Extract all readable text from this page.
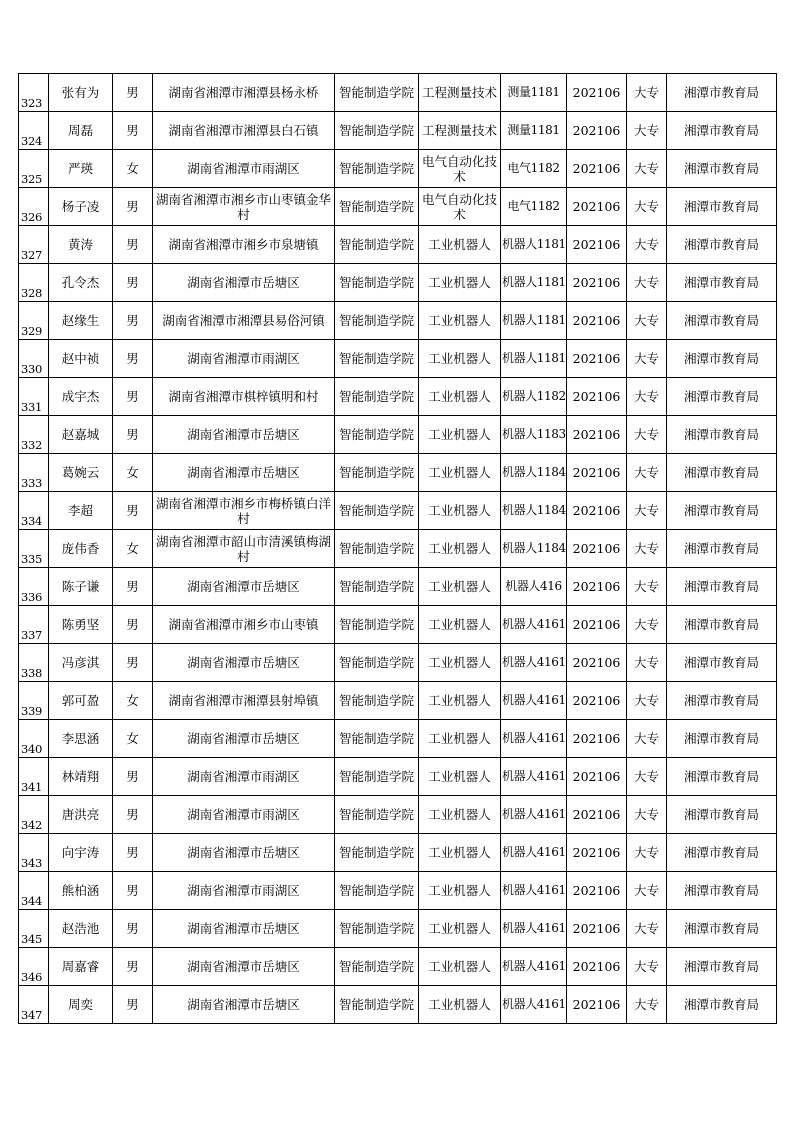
323	张有为	男	湖南省湘潭市湘潭县杨永桥	智能制造学院	工程测量技术	测量1181	202106	大专	湘潭市教育局
324	周磊	男	湖南省湘潭市湘潭县白石镇	智能制造学院	工程测量技术	测量1181	202106	大专	湘潭市教育局
325	严瑛	女	湖南省湘潭市雨湖区	智能制造学院	电气自动化技术	电气1182	202106	大专	湘潭市教育局
326	杨子凌	男	湖南省湘潭市湘乡市山枣镇金华村	智能制造学院	电气自动化技术	电气1182	202106	大专	湘潭市教育局
327	黄涛	男	湖南省湘潭市湘乡市泉塘镇	智能制造学院	工业机器人	机器人1181	202106	大专	湘潭市教育局
328	孔令杰	男	湖南省湘潭市岳塘区	智能制造学院	工业机器人	机器人1181	202106	大专	湘潭市教育局
329	赵缘生	男	湖南省湘潭市湘潭县易俗河镇	智能制造学院	工业机器人	机器人1181	202106	大专	湘潭市教育局
330	赵中祯	男	湖南省湘潭市雨湖区	智能制造学院	工业机器人	机器人1181	202106	大专	湘潭市教育局
331	成宇杰	男	湖南省湘潭市棋梓镇明和村	智能制造学院	工业机器人	机器人1182	202106	大专	湘潭市教育局
332	赵嘉城	男	湖南省湘潭市岳塘区	智能制造学院	工业机器人	机器人1183	202106	大专	湘潭市教育局
333	葛婉云	女	湖南省湘潭市岳塘区	智能制造学院	工业机器人	机器人1184	202106	大专	湘潭市教育局
334	李超	男	湖南省湘潭市湘乡市梅桥镇白洋村	智能制造学院	工业机器人	机器人1184	202106	大专	湘潭市教育局
335	庞伟香	女	湖南省湘潭市韶山市清溪镇梅湖村	智能制造学院	工业机器人	机器人1184	202106	大专	湘潭市教育局
336	陈子谦	男	湖南省湘潭市岳塘区	智能制造学院	工业机器人	机器人416	202106	大专	湘潭市教育局
337	陈勇坚	男	湖南省湘潭市湘乡市山枣镇	智能制造学院	工业机器人	机器人4161	202106	大专	湘潭市教育局
338	冯彦淇	男	湖南省湘潭市岳塘区	智能制造学院	工业机器人	机器人4161	202106	大专	湘潭市教育局
339	郭可盈	女	湖南省湘潭市湘潭县射埠镇	智能制造学院	工业机器人	机器人4161	202106	大专	湘潭市教育局
340	李思涵	女	湖南省湘潭市岳塘区	智能制造学院	工业机器人	机器人4161	202106	大专	湘潭市教育局
341	林靖翔	男	湖南省湘潭市雨湖区	智能制造学院	工业机器人	机器人4161	202106	大专	湘潭市教育局
342	唐洪亮	男	湖南省湘潭市雨湖区	智能制造学院	工业机器人	机器人4161	202106	大专	湘潭市教育局
343	向宇涛	男	湖南省湘潭市岳塘区	智能制造学院	工业机器人	机器人4161	202106	大专	湘潭市教育局
344	熊柏涵	男	湖南省湘潭市雨湖区	智能制造学院	工业机器人	机器人4161	202106	大专	湘潭市教育局
345	赵浩池	男	湖南省湘潭市岳塘区	智能制造学院	工业机器人	机器人4161	202106	大专	湘潭市教育局
346	周嘉睿	男	湖南省湘潭市岳塘区	智能制造学院	工业机器人	机器人4161	202106	大专	湘潭市教育局
347	周奕	男	湖南省湘潭市岳塘区	智能制造学院	工业机器人	机器人4161	202106	大专	湘潭市教育局
